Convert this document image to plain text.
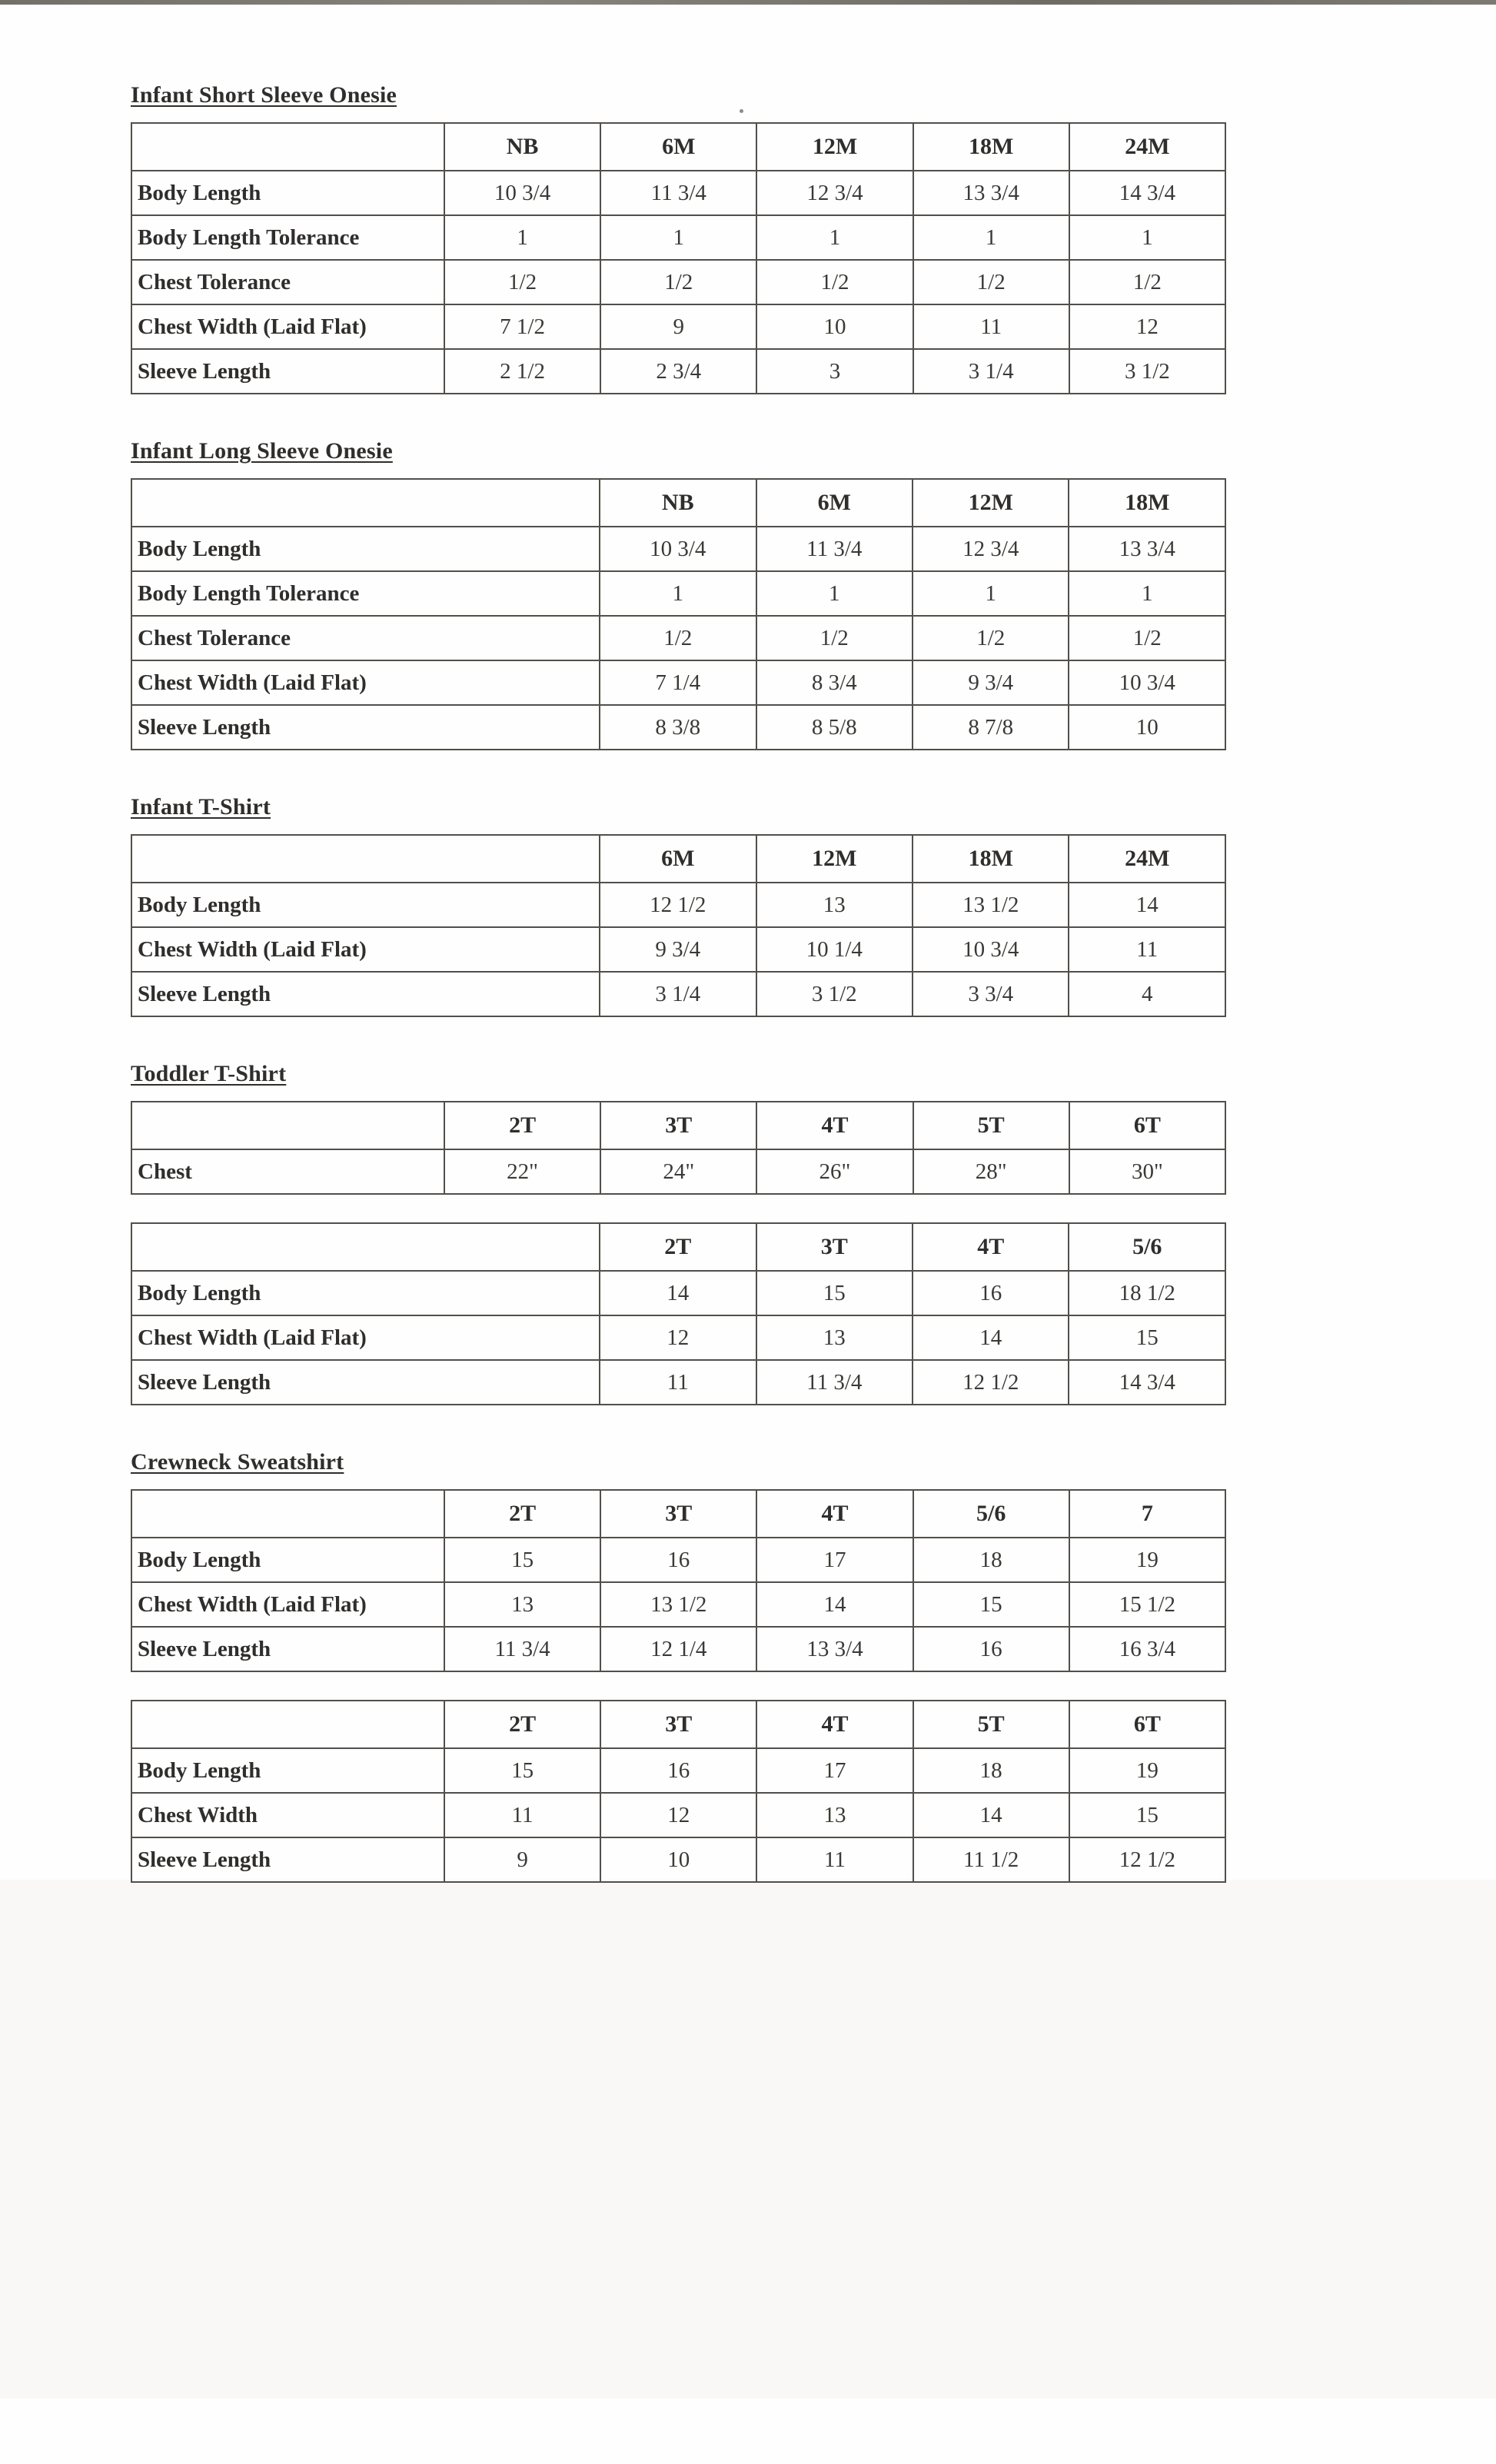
Infant Short Sleeve Onesie
	NB	6M	12M	18M	24M
Body Length	10 3/4	11 3/4	12 3/4	13 3/4	14 3/4
Body Length Tolerance	1	1	1	1	1
Chest Tolerance	1/2	1/2	1/2	1/2	1/2
Chest Width (Laid Flat)	7 1/2	9	10	11	12
Sleeve Length	2 1/2	2 3/4	3	3 1/4	3 1/2
Infant Long Sleeve Onesie
	NB	6M	12M	18M
Body Length	10 3/4	11 3/4	12 3/4	13 3/4
Body Length Tolerance	1	1	1	1
Chest Tolerance	1/2	1/2	1/2	1/2
Chest Width (Laid Flat)	7 1/4	8 3/4	9 3/4	10 3/4
Sleeve Length	8 3/8	8 5/8	8 7/8	10
Infant T-Shirt
	6M	12M	18M	24M
Body Length	12 1/2	13	13 1/2	14
Chest Width (Laid Flat)	9 3/4	10 1/4	10 3/4	11
Sleeve Length	3 1/4	3 1/2	3 3/4	4
Toddler T-Shirt
	2T	3T	4T	5T	6T
Chest	22"	24"	26"	28"	30"
	2T	3T	4T	5/6
Body Length	14	15	16	18 1/2
Chest Width (Laid Flat)	12	13	14	15
Sleeve Length	11	11 3/4	12 1/2	14 3/4
Crewneck Sweatshirt
	2T	3T	4T	5/6	7
Body Length	15	16	17	18	19
Chest Width (Laid Flat)	13	13 1/2	14	15	15 1/2
Sleeve Length	11 3/4	12 1/4	13 3/4	16	16 3/4
	2T	3T	4T	5T	6T
Body Length	15	16	17	18	19
Chest Width	11	12	13	14	15
Sleeve Length	9	10	11	11 1/2	12 1/2
